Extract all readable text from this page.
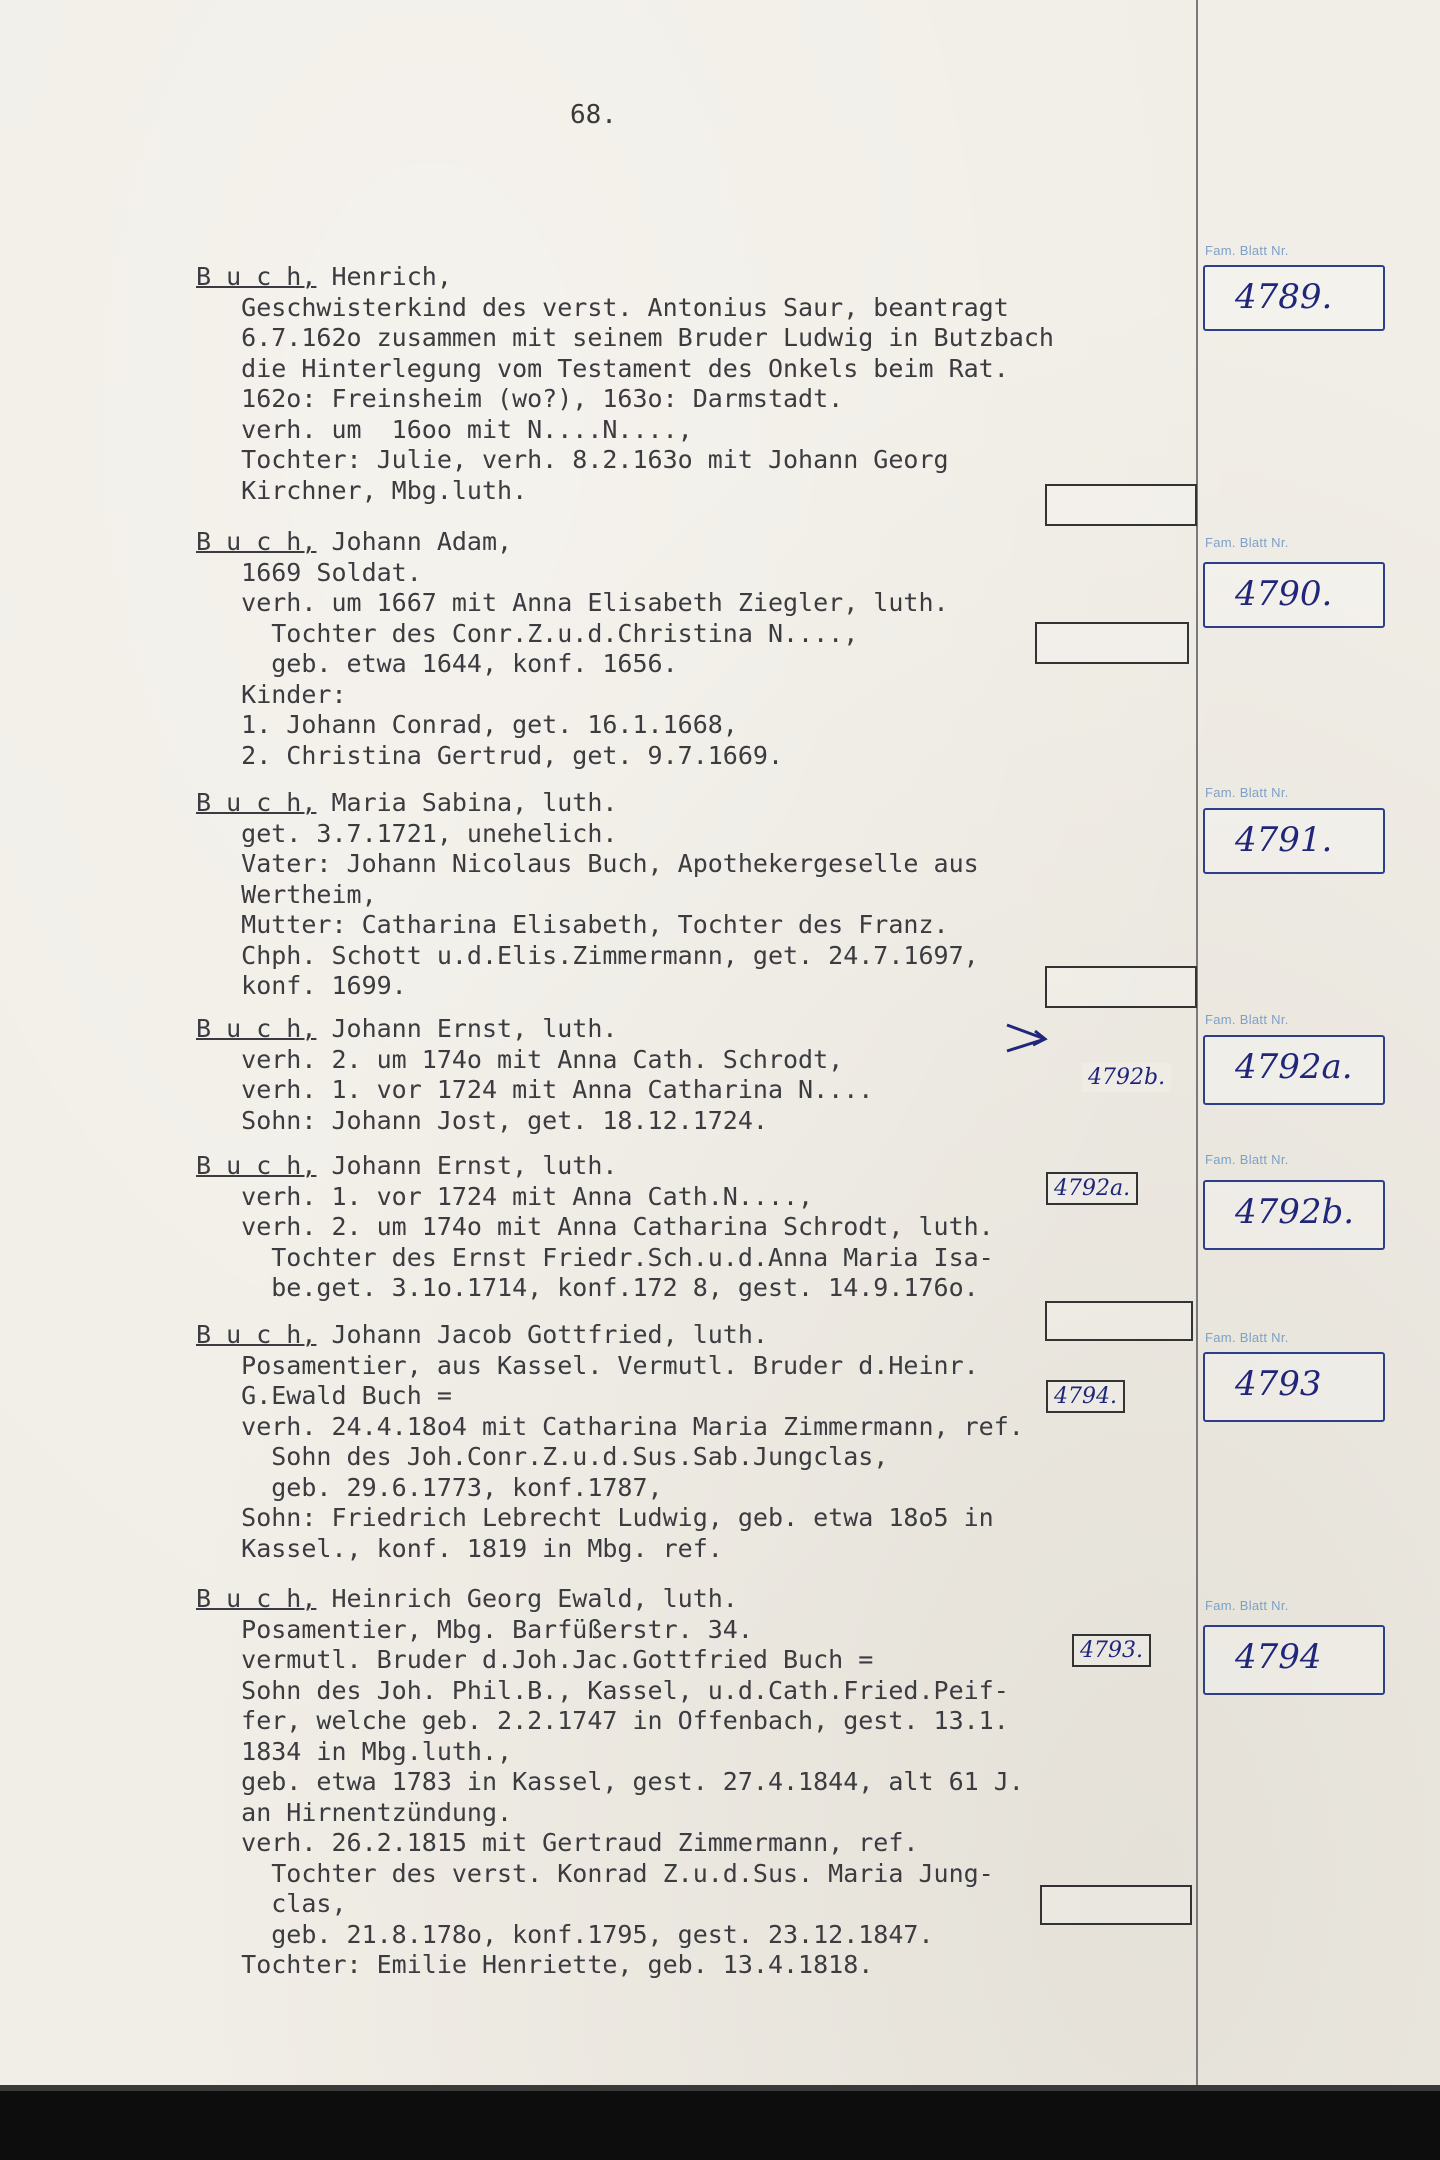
68.
B u c h, Henrich,
Geschwisterkind des verst. Antonius Saur, beantragt
6.7.162o zusammen mit seinem Bruder Ludwig in Butzbach
die Hinterlegung vom Testament des Onkels beim Rat.
162o: Freinsheim (wo?), 163o: Darmstadt.
verh. um  16oo mit N....N....,
Tochter: Julie, verh. 8.2.163o mit Johann Georg
Kirchner, Mbg.luth.
Fam. Blatt Nr.
4789.
B u c h, Johann Adam,
1669 Soldat.
verh. um 1667 mit Anna Elisabeth Ziegler, luth.
Tochter des Conr.Z.u.d.Christina N....,
geb. etwa 1644, konf. 1656.
Kinder:
1. Johann Conrad, get. 16.1.1668,
2. Christina Gertrud, get. 9.7.1669.
Fam. Blatt Nr.
4790.
B u c h, Maria Sabina, luth.
get. 3.7.1721, unehelich.
Vater: Johann Nicolaus Buch, Apothekergeselle aus
Wertheim,
Mutter: Catharina Elisabeth, Tochter des Franz.
Chph. Schott u.d.Elis.Zimmermann, get. 24.7.1697,
konf. 1699.
Fam. Blatt Nr.
4791.
B u c h, Johann Ernst, luth.
verh. 2. um 174o mit Anna Cath. Schrodt,
verh. 1. vor 1724 mit Anna Catharina N....
Sohn: Johann Jost, get. 18.12.1724.
4792b.
Fam. Blatt Nr.
4792a.
B u c h, Johann Ernst, luth.
verh. 1. vor 1724 mit Anna Cath.N....,
verh. 2. um 174o mit Anna Catharina Schrodt, luth.
Tochter des Ernst Friedr.Sch.u.d.Anna Maria Isa-
be.get. 3.1o.1714, konf.172 8, gest. 14.9.176o.
4792a.
Fam. Blatt Nr.
4792b.
B u c h, Johann Jacob Gottfried, luth.
Posamentier, aus Kassel. Vermutl. Bruder d.Heinr.
G.Ewald Buch =
verh. 24.4.18o4 mit Catharina Maria Zimmermann, ref.
Sohn des Joh.Conr.Z.u.d.Sus.Sab.Jungclas,
geb. 29.6.1773, konf.1787,
Sohn: Friedrich Lebrecht Ludwig, geb. etwa 18o5 in
Kassel., konf. 1819 in Mbg. ref.
4794.
Fam. Blatt Nr.
4793
B u c h, Heinrich Georg Ewald, luth.
Posamentier, Mbg. Barfüßerstr. 34.
vermutl. Bruder d.Joh.Jac.Gottfried Buch =
Sohn des Joh. Phil.B., Kassel, u.d.Cath.Fried.Peif-
fer, welche geb. 2.2.1747 in Offenbach, gest. 13.1.
1834 in Mbg.luth.,
geb. etwa 1783 in Kassel, gest. 27.4.1844, alt 61 J.
an Hirnentzündung.
verh. 26.2.1815 mit Gertraud Zimmermann, ref.
Tochter des verst. Konrad Z.u.d.Sus. Maria Jung-
clas,
geb. 21.8.178o, konf.1795, gest. 23.12.1847.
Tochter: Emilie Henriette, geb. 13.4.1818.
4793.
Fam. Blatt Nr.
4794
